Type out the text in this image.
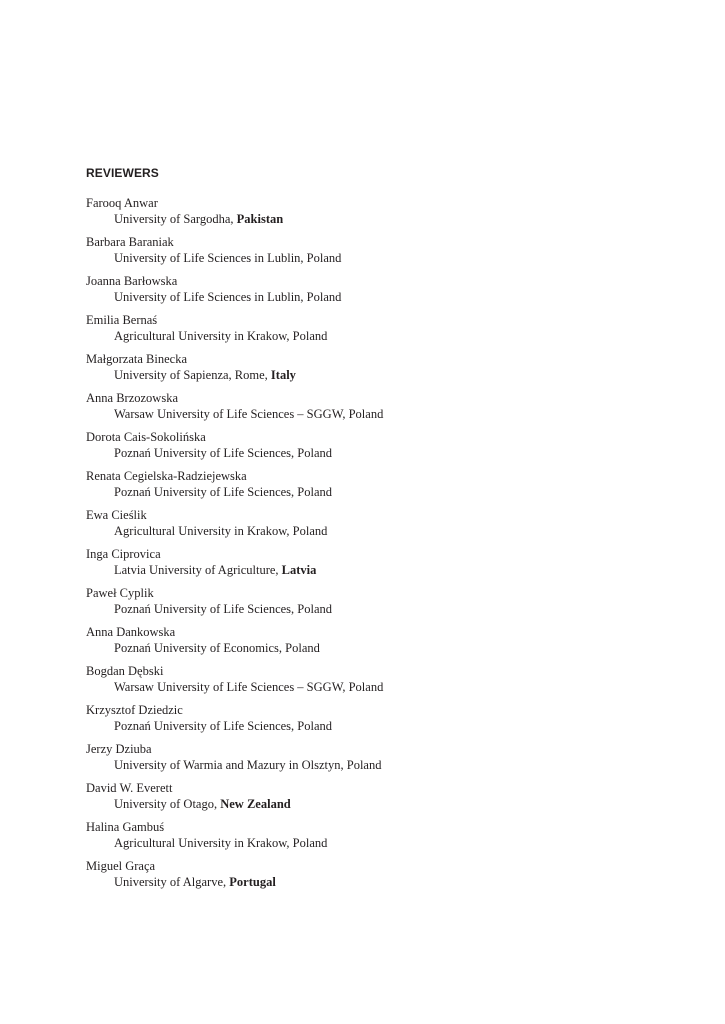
REVIEWERS
Farooq Anwar
University of Sargodha, Pakistan
Barbara Baraniak
University of Life Sciences in Lublin, Poland
Joanna Barłowska
University of Life Sciences in Lublin, Poland
Emilia Bernaś
Agricultural University in Krakow, Poland
Małgorzata Binecka
University of Sapienza, Rome, Italy
Anna Brzozowska
Warsaw University of Life Sciences – SGGW, Poland
Dorota Cais-Sokolińska
Poznań University of Life Sciences, Poland
Renata Cegielska-Radziejewska
Poznań University of Life Sciences, Poland
Ewa Cieślik
Agricultural University in Krakow, Poland
Inga Ciprovica
Latvia University of Agriculture, Latvia
Paweł Cyplik
Poznań University of Life Sciences, Poland
Anna Dankowska
Poznań University of Economics, Poland
Bogdan Dębski
Warsaw University of Life Sciences – SGGW, Poland
Krzysztof Dziedzic
Poznań University of Life Sciences, Poland
Jerzy Dziuba
University of Warmia and Mazury in Olsztyn, Poland
David W. Everett
University of Otago, New Zealand
Halina Gambuś
Agricultural University in Krakow, Poland
Miguel Graça
University of Algarve, Portugal
